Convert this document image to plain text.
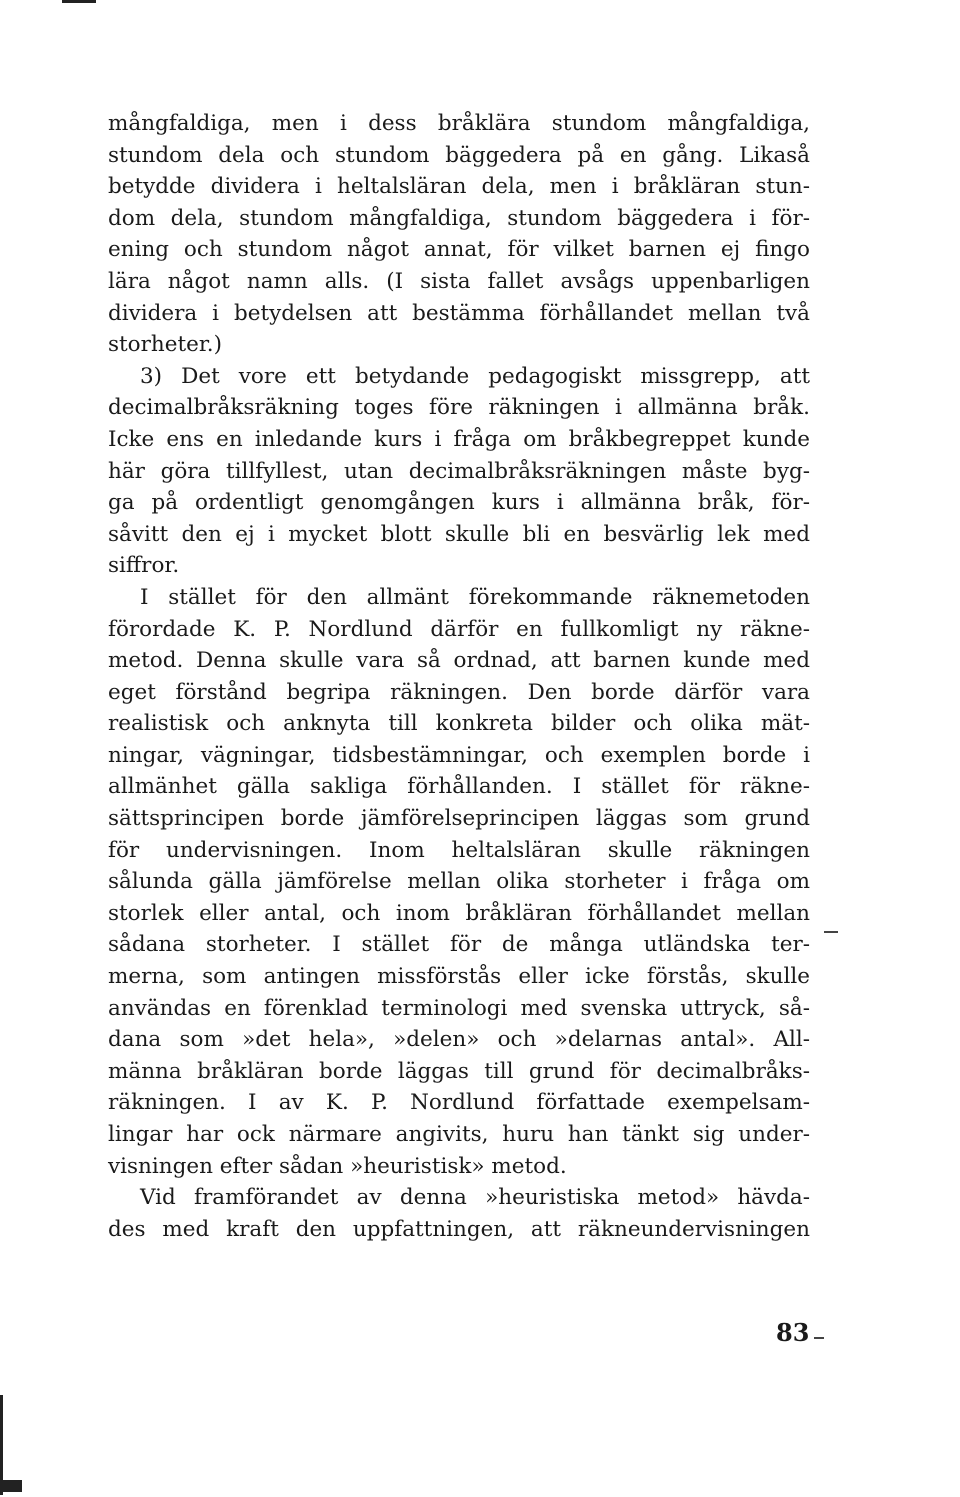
mångfaldiga, men i dess bråklära stundom mångfaldiga,
stundom dela och stundom bäggedera på en gång. Likaså
betydde dividera i heltalsläran dela, men i bråkläran stun-
dom dela, stundom mångfaldiga, stundom bäggedera i för-
ening och stundom något annat, för vilket barnen ej fingo
lära något namn alls. (I sista fallet avsågs uppenbarligen
dividera i betydelsen att bestämma förhållandet mellan två
storheter.)
3) Det vore ett betydande pedagogiskt missgrepp, att
decimalbråksräkning toges före räkningen i allmänna bråk.
Icke ens en inledande kurs i fråga om bråkbegreppet kunde
här göra tillfyllest, utan decimalbråksräkningen måste byg-
ga på ordentligt genomgången kurs i allmänna bråk, för-
såvitt den ej i mycket blott skulle bli en besvärlig lek med
siffror.
I stället för den allmänt förekommande räknemetoden
förordade K. P. Nordlund därför en fullkomligt ny räkne-
metod. Denna skulle vara så ordnad, att barnen kunde med
eget förstånd begripa räkningen. Den borde därför vara
realistisk och anknyta till konkreta bilder och olika mät-
ningar, vägningar, tidsbestämningar, och exemplen borde i
allmänhet gälla sakliga förhållanden. I stället för räkne-
sättsprincipen borde jämförelseprincipen läggas som grund
för undervisningen. Inom heltalsläran skulle räkningen
sålunda gälla jämförelse mellan olika storheter i fråga om
storlek eller antal, och inom bråkläran förhållandet mellan
sådana storheter. I stället för de många utländska ter-
merna, som antingen missförstås eller icke förstås, skulle
användas en förenklad terminologi med svenska uttryck, så-
dana som »det hela», »delen» och »delarnas antal». All-
männa bråkläran borde läggas till grund för decimalbråks-
räkningen. I av K. P. Nordlund författade exempelsam-
lingar har ock närmare angivits, huru han tänkt sig under-
visningen efter sådan »heuristisk» metod.
Vid framförandet av denna »heuristiska metod» hävda-
des med kraft den uppfattningen, att räkneundervisningen
83
